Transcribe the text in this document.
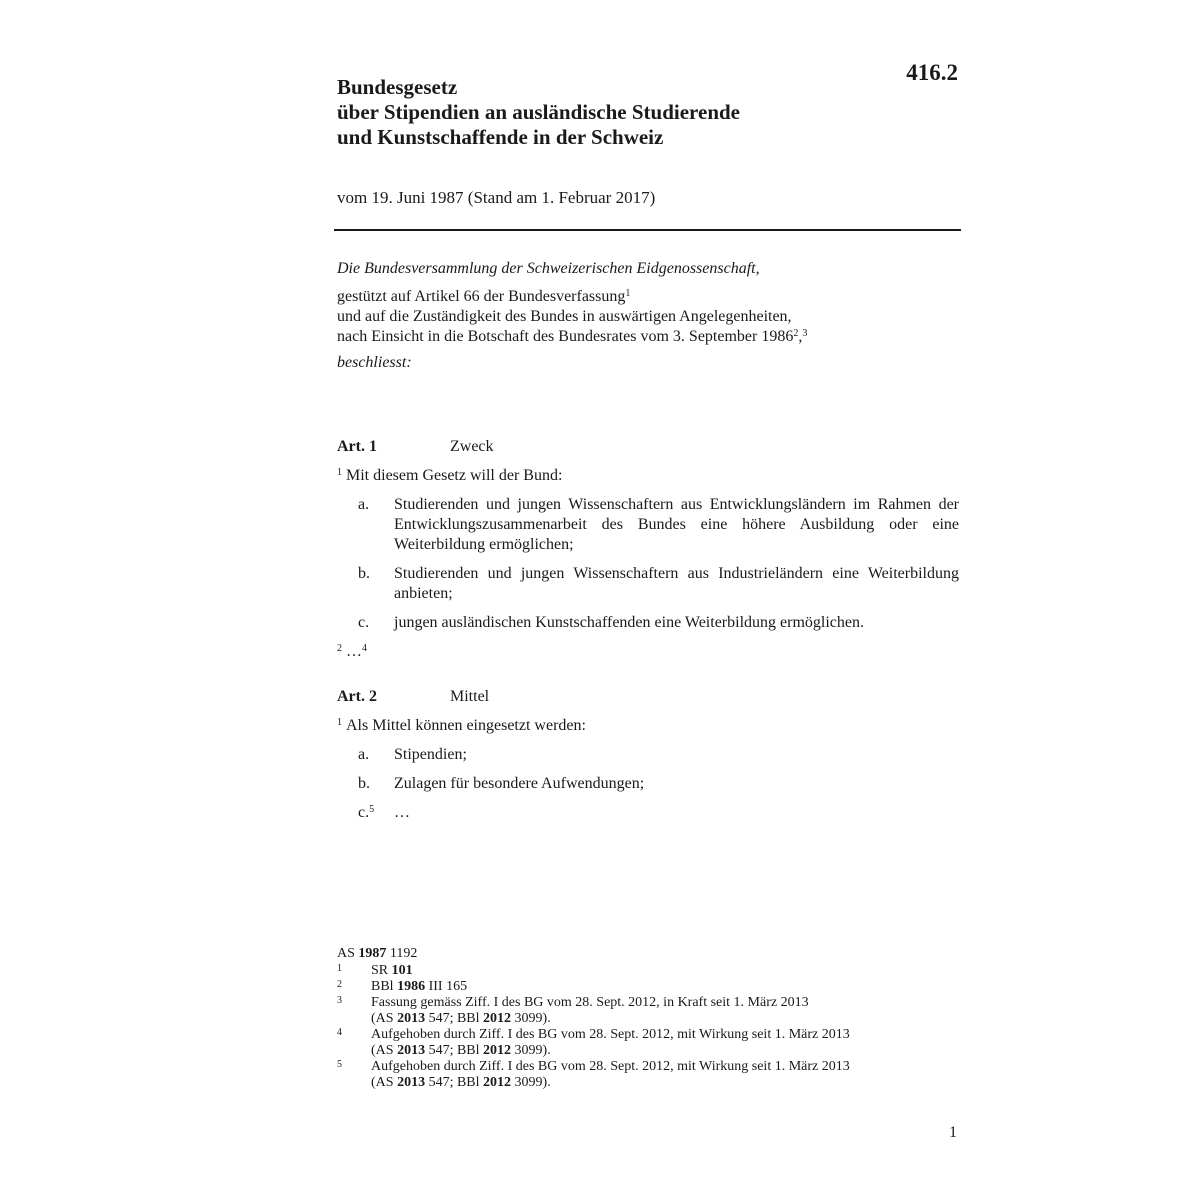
416.2
Bundesgesetz
über Stipendien an ausländische Studierende
und Kunstschaffende in der Schweiz
vom 19. Juni 1987 (Stand am 1. Februar 2017)
Die Bundesversammlung der Schweizerischen Eidgenossenschaft,
gestützt auf Artikel 66 der Bundesverfassung$^1$
und auf die Zuständigkeit des Bundes in auswärtigen Angelegenheiten,
nach Einsicht in die Botschaft des Bundesrates vom 3. September 1986$^2$,$^3$
beschliesst:
Art. 1	Zweck
$^1$ Mit diesem Gesetz will der Bund:
a. Studierenden und jungen Wissenschaftern aus Entwicklungsländern im Rahmen der Entwicklungszusammenarbeit des Bundes eine höhere Ausbildung oder eine Weiterbildung ermöglichen;
b. Studierenden und jungen Wissenschaftern aus Industrieländern eine Weiterbildung anbieten;
c. jungen ausländischen Kunstschaffenden eine Weiterbildung ermöglichen.
$^2$ …$^4$
Art. 2	Mittel
$^1$ Als Mittel können eingesetzt werden:
a. Stipendien;
b. Zulagen für besondere Aufwendungen;
c.$^5$ …
AS 1987 1192
1 SR 101
2 BBl 1986 III 165
3 Fassung gemäss Ziff. I des BG vom 28. Sept. 2012, in Kraft seit 1. März 2013
(AS 2013 547; BBl 2012 3099).
4 Aufgehoben durch Ziff. I des BG vom 28. Sept. 2012, mit Wirkung seit 1. März 2013
(AS 2013 547; BBl 2012 3099).
5 Aufgehoben durch Ziff. I des BG vom 28. Sept. 2012, mit Wirkung seit 1. März 2013
(AS 2013 547; BBl 2012 3099).
1
